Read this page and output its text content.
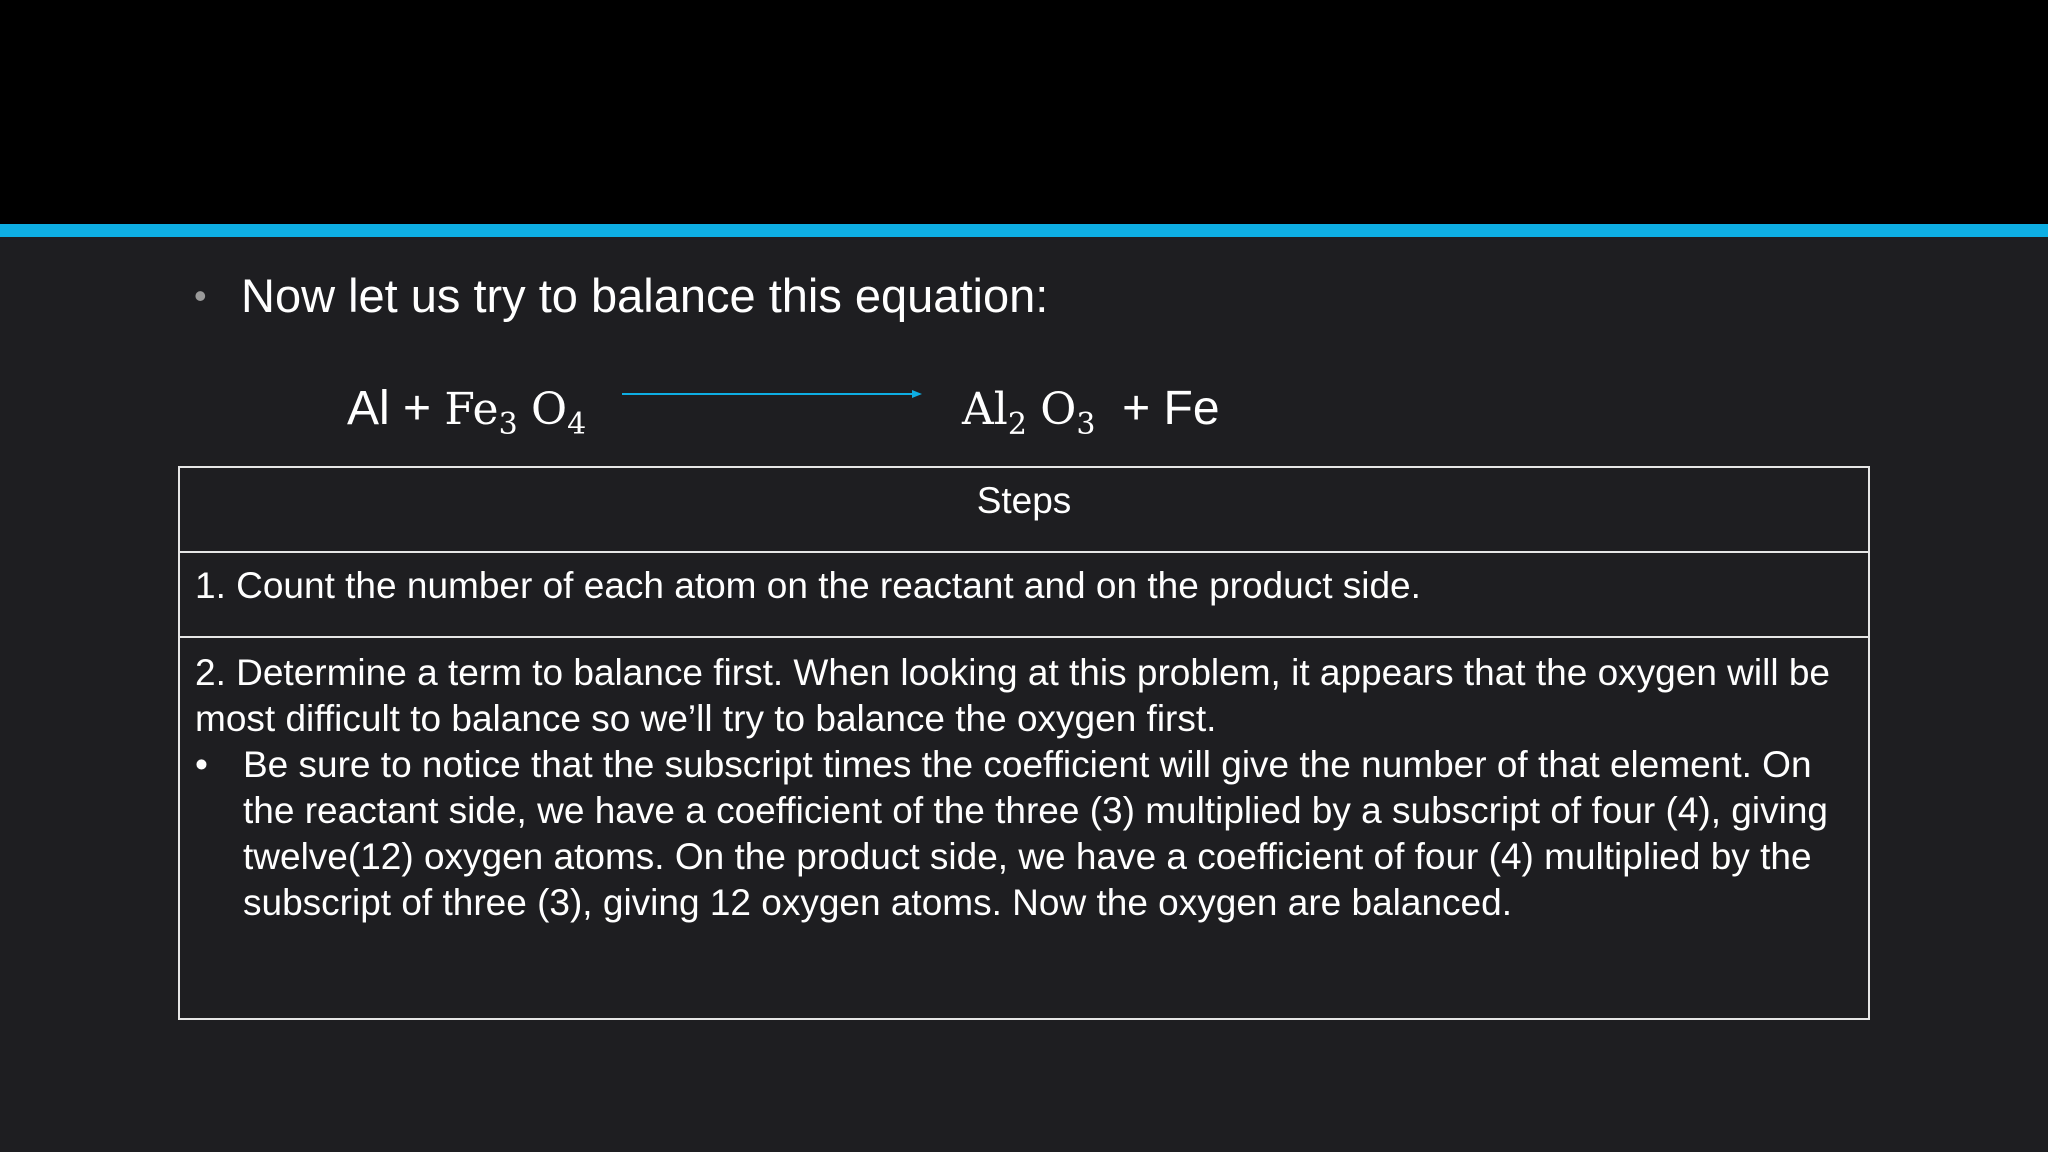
• Now let us try to balance this equation:
$Al + Fe_3$ $O_4$	$Al_2$ $O_3 + Fe$
Steps
1. Count the number of each atom on the reactant and on the product side.

2. Determine a term to balance first. When looking at this problem, it appears that the oxygen will be most difficult to balance so we’ll try to balance the oxygen first.

• Be sure to notice that the subscript times the coefficient will give the number of that element. On the reactant side, we have a coefficient of the three (3) multiplied by a subscript of four (4), giving twelve(12) oxygen atoms. On the product side, we have a coefficient of four (4) multiplied by the subscript of three (3), giving 12 oxygen atoms. Now the oxygen are balanced.
